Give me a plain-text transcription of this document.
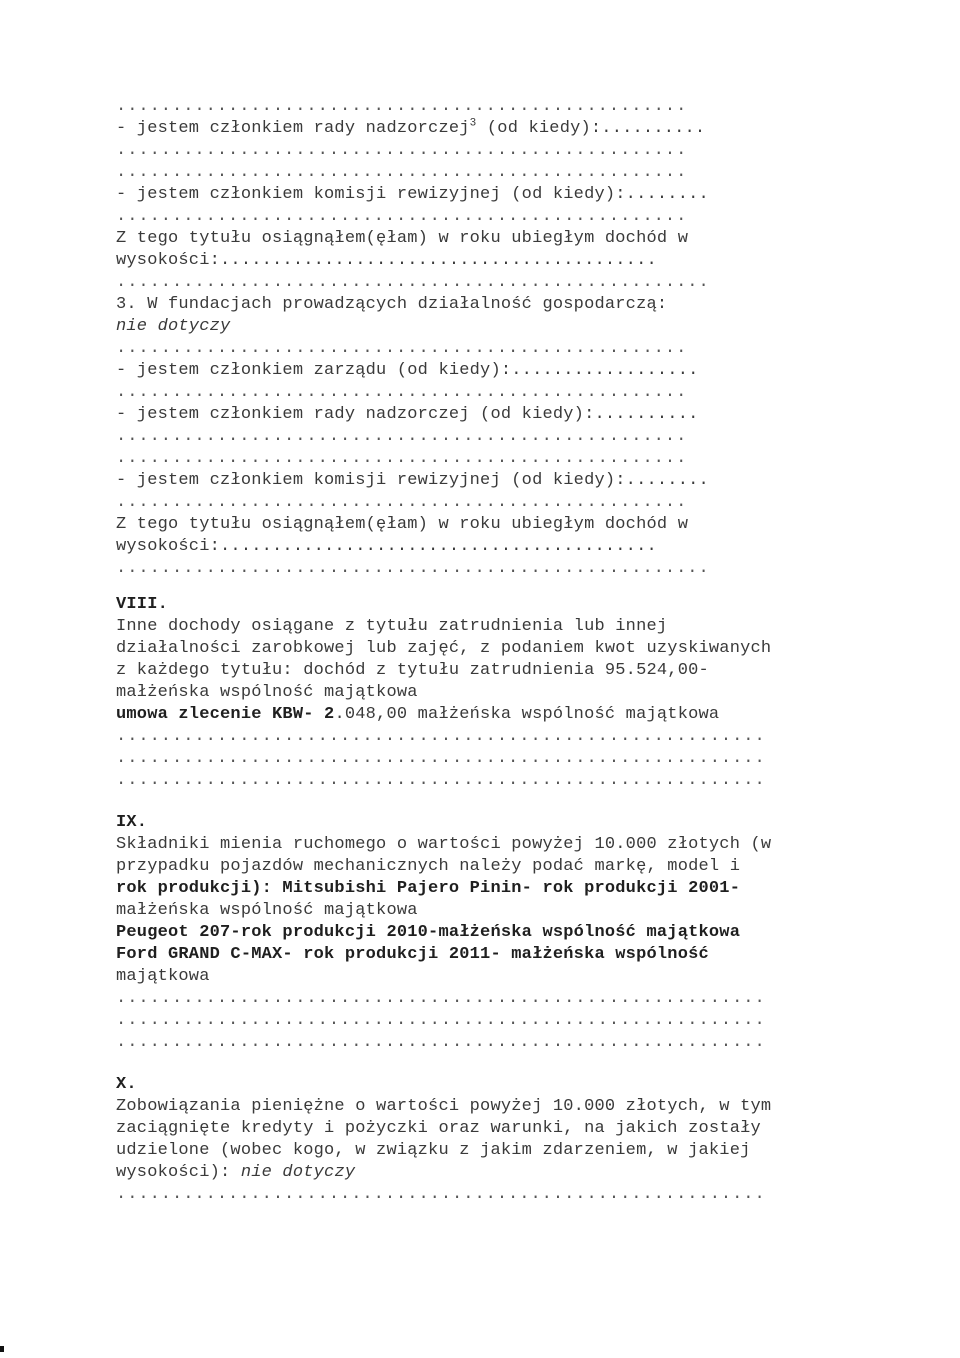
...................................................
- jestem członkiem rady nadzorczej$^3$ (od kiedy):..........
...................................................
...................................................
- jestem członkiem komisji rewizyjnej (od kiedy):........
...................................................
Z tego tytułu osiągnąłem(ęłam) w roku ubiegłym dochód w
wysokości:..........................................
.....................................................
3. W fundacjach prowadzących działalność gospodarczą:
nie dotyczy
...................................................
- jestem członkiem zarządu (od kiedy):..................
...................................................
- jestem członkiem rady nadzorczej (od kiedy):..........
...................................................
...................................................
- jestem członkiem komisji rewizyjnej (od kiedy):........
...................................................
Z tego tytułu osiągnąłem(ęłam) w roku ubiegłym dochód w
wysokości:..........................................
.....................................................
VIII.
Inne dochody osiągane z tytułu zatrudnienia lub innej
działalności zarobkowej lub zajęć, z podaniem kwot uzyskiwanych
z każdego tytułu: dochód z tytułu zatrudnienia 95.524,00-
małżeńska wspólność majątkowa
umowa zlecenie KBW- 2.048,00 małżeńska wspólność majątkowa
..........................................................
..........................................................
..........................................................
IX.
Składniki mienia ruchomego o wartości powyżej 10.000 złotych (w
przypadku pojazdów mechanicznych należy podać markę, model i
rok produkcji): Mitsubishi Pajero Pinin- rok produkcji 2001-
małżeńska wspólność majątkowa
Peugeot 207-rok produkcji 2010-małżeńska wspólność majątkowa
Ford GRAND C-MAX- rok produkcji 2011- małżeńska wspólność
majątkowa
..........................................................
..........................................................
..........................................................
X.
Zobowiązania pieniężne o wartości powyżej 10.000 złotych, w tym
zaciągnięte kredyty i pożyczki oraz warunki, na jakich zostały
udzielone (wobec kogo, w związku z jakim zdarzeniem, w jakiej
wysokości): nie dotyczy
..........................................................
